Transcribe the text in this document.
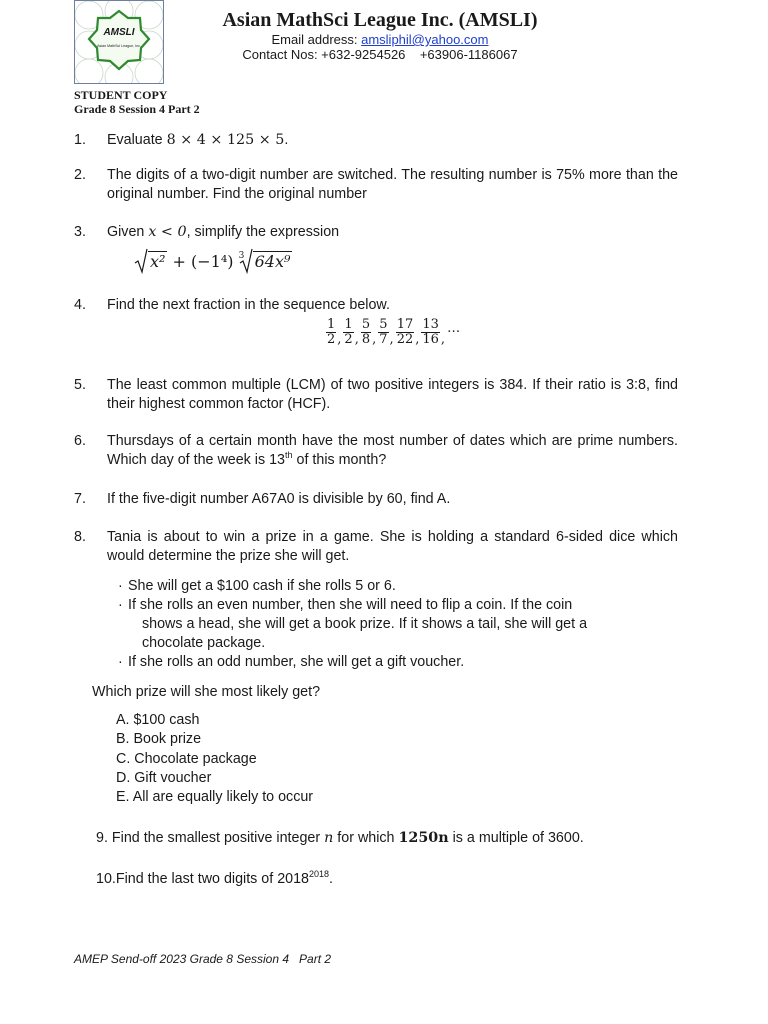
AMSLI
Asian MathSci League, Inc.
Asian MathSci League Inc. (AMSLI)
Email address: amsliphil@yahoo.com
Contact Nos: +632-9254526    +63906-1186067
STUDENT COPY
Grade 8 Session 4 Part 2
1. Evaluate 8 × 4 × 125 × 5.
2. The digits of a two-digit number are switched. The resulting number is 75% more than the original number. Find the original number
3. Given x < 0, simplify the expression
x² + (−1⁴) 3 64x⁹
4. Find the next fraction in the sequence below.
$\frac{1}{2}$ , $\frac{1}{2}$ , $\frac{5}{8}$ , $\frac{5}{7}$ , $\frac{17}{22}$ , $\frac{13}{16}$ ,
…
5. The least common multiple (LCM) of two positive integers is 384. If their ratio is 3:8, find their highest common factor (HCF).
6. Thursdays of a certain month have the most number of dates which are prime numbers. Which day of the week is 13th of this month?
7. If the five-digit number A67A0 is divisible by 60, find A.
8. Tania is about to win a prize in a game. She is holding a standard 6-sided dice which would determine the prize she will get.
· She will get a $100 cash if she rolls 5 or 6.
· If she rolls an even number, then she will need to flip a coin. If the coin
shows a head, she will get a book prize. If it shows a tail, she will get a chocolate package.
· If she rolls an odd number, she will get a gift voucher.
Which prize will she most likely get?
A. $100 cash
B. Book prize
C. Chocolate package
D. Gift voucher
E. All are equally likely to occur
9. Find the smallest positive integer n for which 1250n is a multiple of 3600.
10.Find the last two digits of $2018^{2018}$.
AMEP Send-off 2023 Grade 8 Session 4   Part 2
